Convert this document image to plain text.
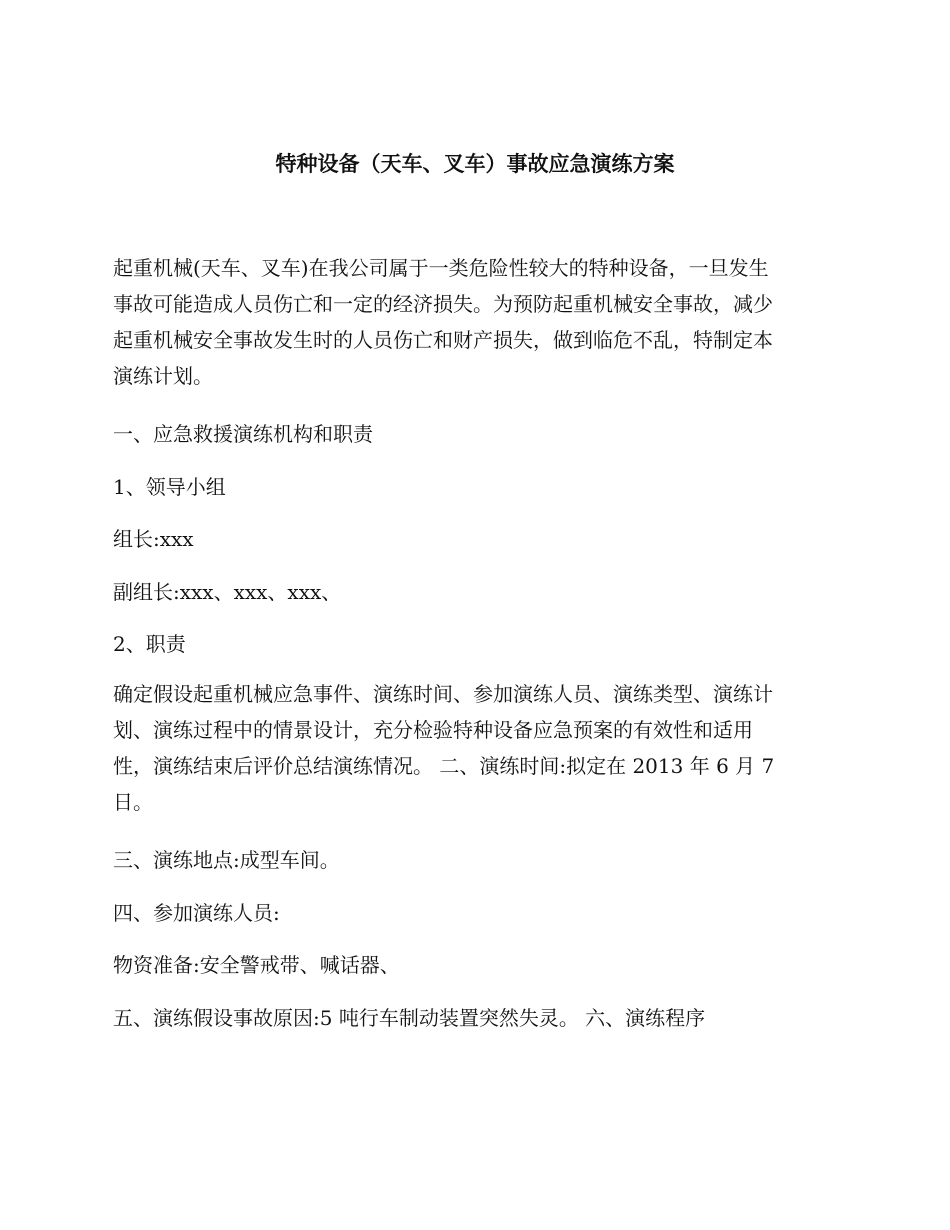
特种设备（天车、叉车）事故应急演练方案
起重机械(天车、叉车)在我公司属于一类危险性较大的特种设备，一旦发生
事故可能造成人员伤亡和一定的经济损失。为预防起重机械安全事故，减少
起重机械安全事故发生时的人员伤亡和财产损失，做到临危不乱，特制定本
演练计划。
一、应急救援演练机构和职责
1、领导小组
组长:xxx
副组长:xxx、xxx、xxx、
2、职责
确定假设起重机械应急事件、演练时间、参加演练人员、演练类型、演练计
划、演练过程中的情景设计，充分检验特种设备应急预案的有效性和适用
性，演练结束后评价总结演练情况。 二、演练时间:拟定在 2013 年 6 月 7
日。
三、演练地点:成型车间。
四、参加演练人员:
物资准备:安全警戒带、喊话器、
五、演练假设事故原因:5 吨行车制动装置突然失灵。 六、演练程序
